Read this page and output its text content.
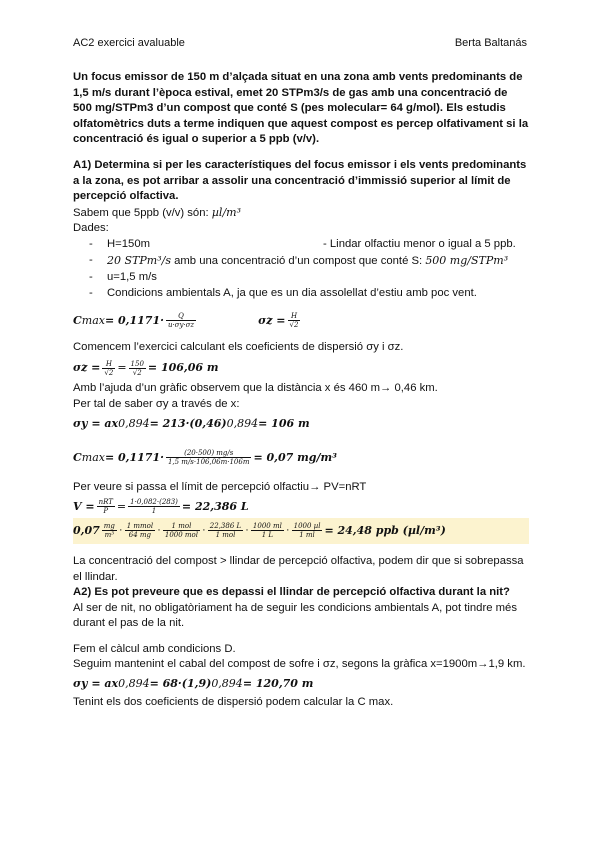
AC2 exercici avaluable	Berta Baltanás

Un focus emissor de 150 m d’alçada situat en una zona amb vents predominants de 1,5 m/s durant l’època estival, emet 20 STPm3/s de gas amb una concentració de 500 mg/STPm3 d’un compost que conté S (pes molecular= 64 g/mol). Els estudis olfatomètrics duts a terme indiquen que aquest compost es percep olfativament si la concentració és igual o superior a 5 ppb (v/v).

A1) Determina si per les característiques del focus emissor i els vents predominants a la zona, es pot arribar a assolir una concentració d’immissió superior al límit de percepció olfactiva.

Sabem que 5ppb (v/v) són: µl/m³

Dades:

- H=150m	- Lindar olfactiu menor o igual a 5 ppb.
- 20 STPm³/s amb una concentració d’un compost que conté S: 500 mg/STPm³
- u=1,5 m/s
- Condicions ambientals A, ja que es un dia assolellat d’estiu amb poc vent.
C $\max = 0,1171\cdot \frac{Q}{u\cdot\sigma y\cdot\sigma z}$	$\sigma z = \frac{H}{√2}$

Comencem l’exercici calculant els coeficients de dispersió σy i σz.

$\sigma z = \frac{H}{√2} = \frac{150}{√2} = 106,06$ m

Amb l’ajuda d’un gràfic observem que la distància x és 460 m→ 0,46 km.

Per tal de saber σy a través de x:

σy = ax 0,894 = 213·(0,46) 0,894 = 106 m
C $\max = 0,1171\cdot \frac{(20\cdot 500) mg/s}{1,5 m/s\cdot 106,06m\cdot 106m} = 0,07$ mg/m³

Per veure si passa el límit de percepció olfactiu→ PV=nRT

$V = \frac{\text{nRT}}{P} = \frac{1\cdot 0,082\cdot(283)}{1} = 22,386$ L
$0,07 \frac{mg}{\text{m³}} \cdot \frac{\text{1 mmol}}{64 mg} \cdot \frac{\text{1 mol}}{\text{1000 mol}} \cdot \frac{22,386 L}{\text{1 mol}} \cdot \frac{1000 ml}{1 L} \cdot \frac{\text{1000 µl}}{1 ml} = 24,48$ ppb (µl/m³)

La concentració del compost > llindar de percepció olfactiva, podem dir que si sobrepassa el llindar.

A2) Es pot preveure que es depassi el llindar de percepció olfactiva durant la nit?

Al ser de nit, no obligatòriament ha de seguir les condicions ambientals A, pot tindre més durant el pas de la nit.

Fem el càlcul amb condicions D.

Seguim mantenint el cabal del compost de sofre i σz, segons la gràfica x=1900m→1,9 km.

σy = ax 0,894 = 68·(1,9) 0,894 = 120,70 m

Tenint els dos coeficients de dispersió podem calcular la C max.
